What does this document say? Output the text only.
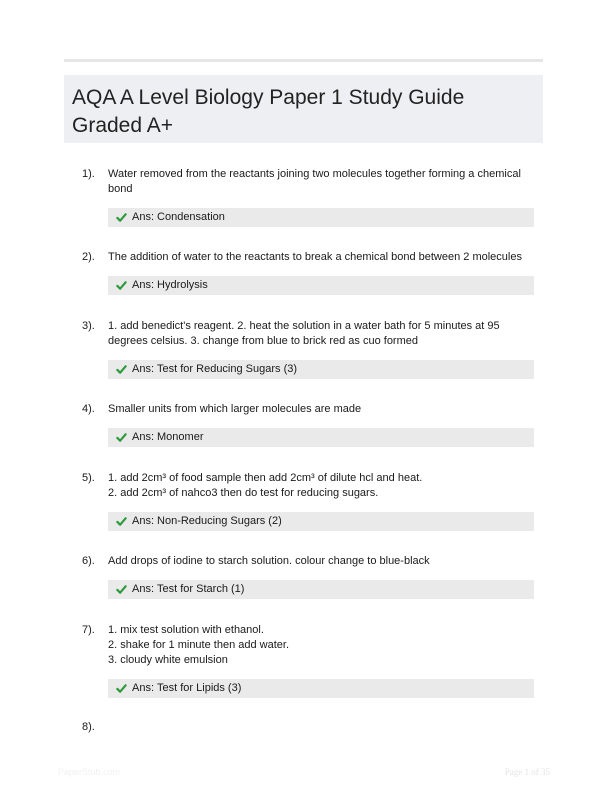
AQA A Level Biology Paper 1 Study Guide Graded A+
1). Water removed from the reactants joining two molecules together forming a chemical bond

Ans: Condensation
2). The addition of water to the reactants to break a chemical bond between 2 molecules

Ans: Hydrolysis
3). 1. add benedict's reagent. 2. heat the solution in a water bath for 5 minutes at 95 degrees celsius. 3. change from blue to brick red as cuo formed

Ans: Test for Reducing Sugars (3)
4). Smaller units from which larger molecules are made

Ans: Monomer
5). 1. add 2cm³ of food sample then add 2cm³ of dilute hcl and heat.
2. add 2cm³ of nahco3 then do test for reducing sugars.

Ans: Non-Reducing Sugars (2)
6). Add drops of iodine to starch solution. colour change to blue-black

Ans: Test for Starch (1)
7). 1. mix test solution with ethanol.
2. shake for 1 minute then add water.
3. cloudy white emulsion

Ans: Test for Lipids (3)
8).
PaperStub.com	Page 1 of 35
